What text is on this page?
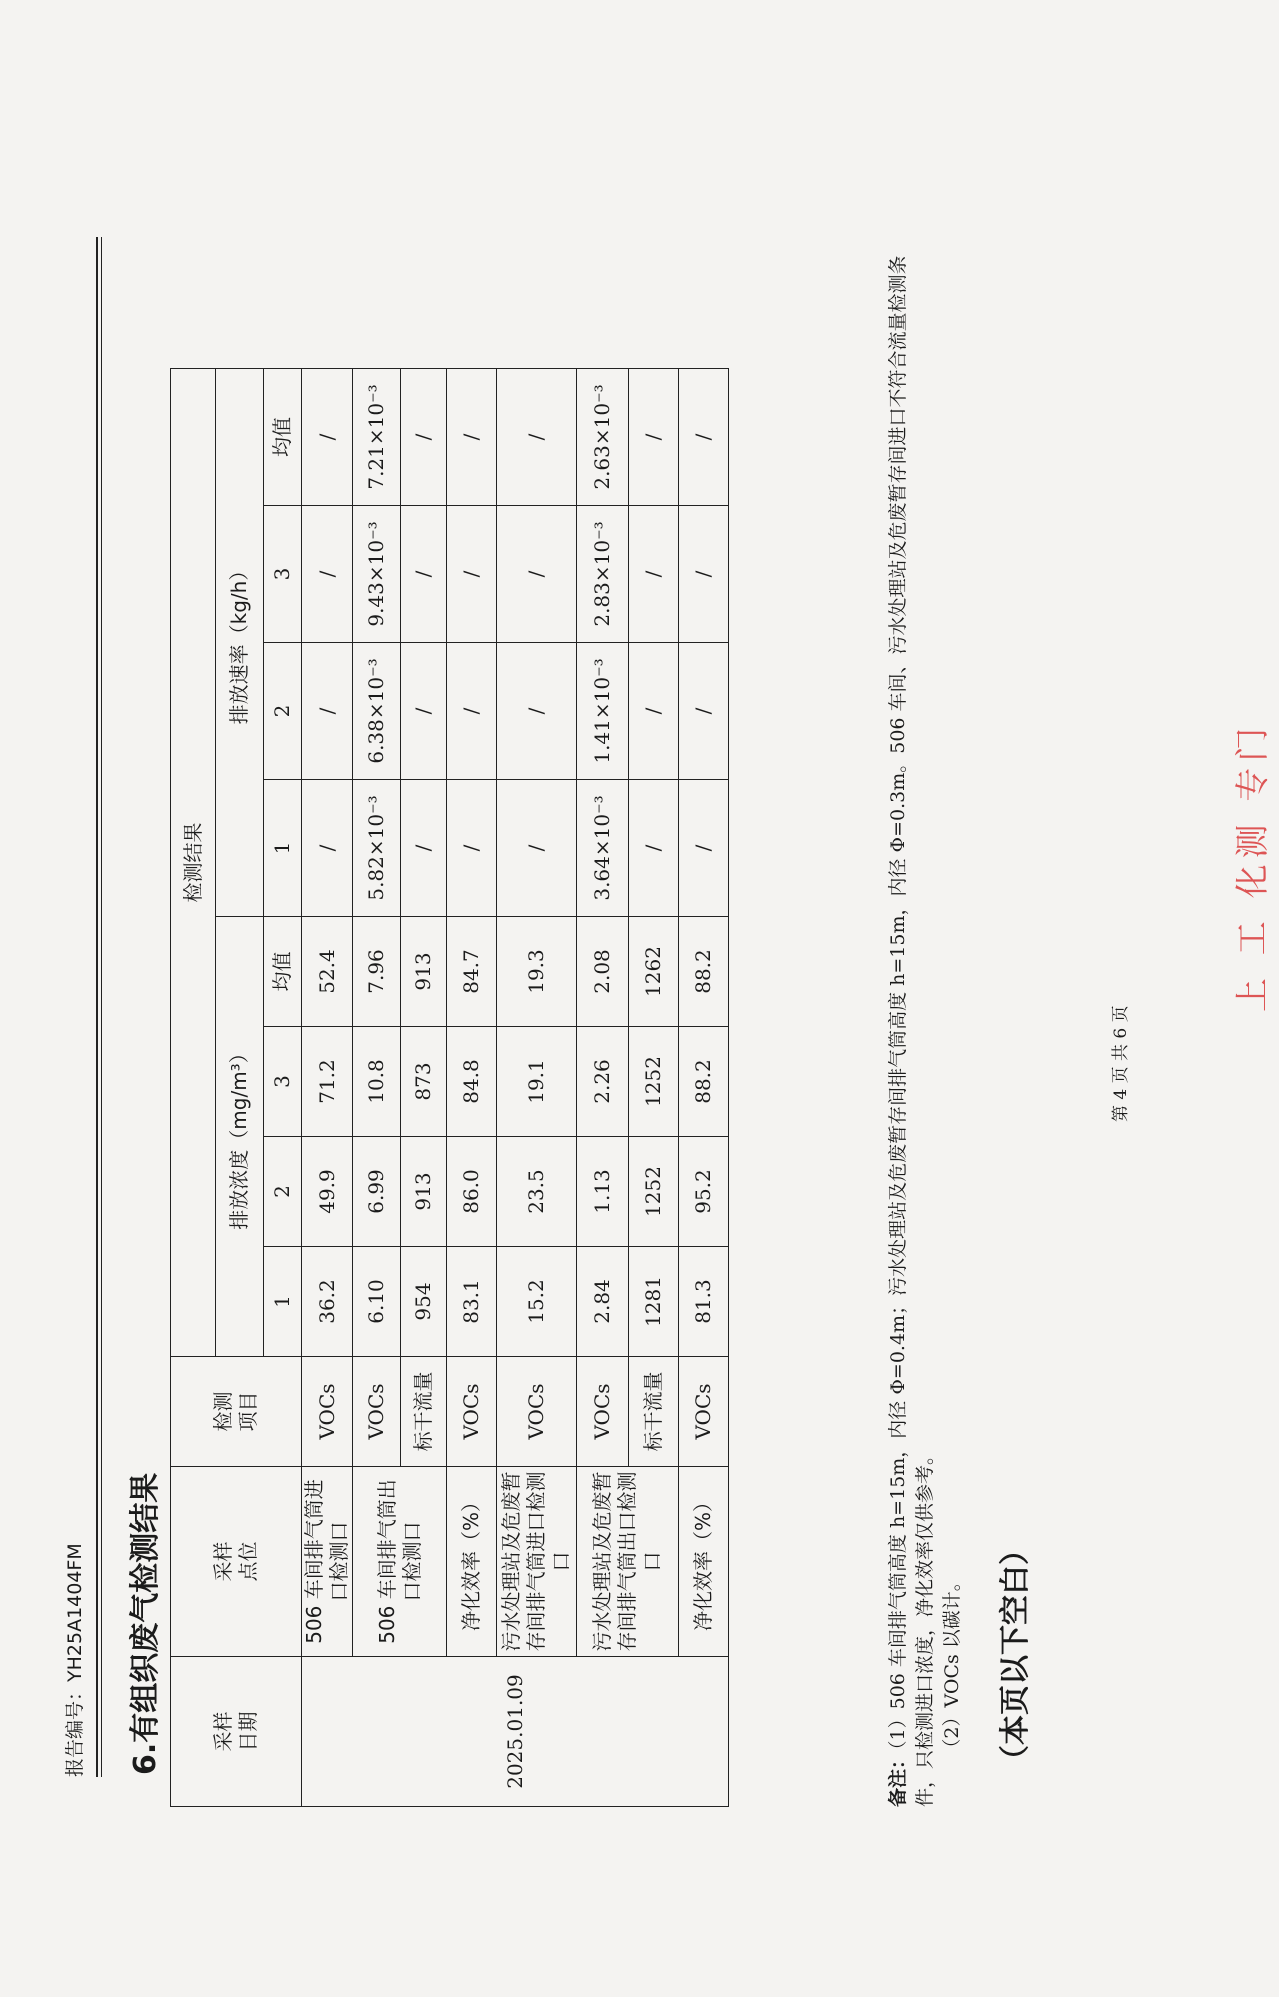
报告编号：YH25A1404FM 6.有组织废气检测结果 采样
日期	采样
点位	检测
项目	检测结果							
			排放浓度（mg/m³）				排放速率（kg/h）			
			1	2	3	均值	1	2	3	均值
2025.01.09	506 车间排气筒进口检测口	VOCs	36.2	49.9	71.2	52.4	/	/	/	/
	506 车间排气筒出口检测口	VOCs	6.10	6.99	10.8	7.96	5.82×10⁻³	6.38×10⁻³	9.43×10⁻³	7.21×10⁻³
		标干流量	954	913	873	913	/	/	/	/
	净化效率（%）	VOCs	83.1	86.0	84.8	84.7	/	/	/	/
	污水处理站及危废暂存间排气筒进口检测口	VOCs	15.2	23.5	19.1	19.3	/	/	/	/
	污水处理站及危废暂存间排气筒出口检测口	VOCs	2.84	1.13	2.26	2.08	3.64×10⁻³	1.41×10⁻³	2.83×10⁻³	2.63×10⁻³
		标干流量	1281	1252	1252	1262	/	/	/	/
	净化效率（%）	VOCs	81.3	95.2	88.2	88.2	/	/	/	/
备注：（1）506 车间排气筒高度 h=15m，内径 Φ=0.4m；污水处理站及危废暂存间排气筒高度 h=15m，内径 Φ=0.3m。506 车间、污水处理站及危废暂存间进口不符合流量检测条件，只检测进口浓度，净化效率仅供参考。 （2）VOCs 以碳计。 （本页以下空白）
第 4 页 共 6 页
上 工 化测 专门
